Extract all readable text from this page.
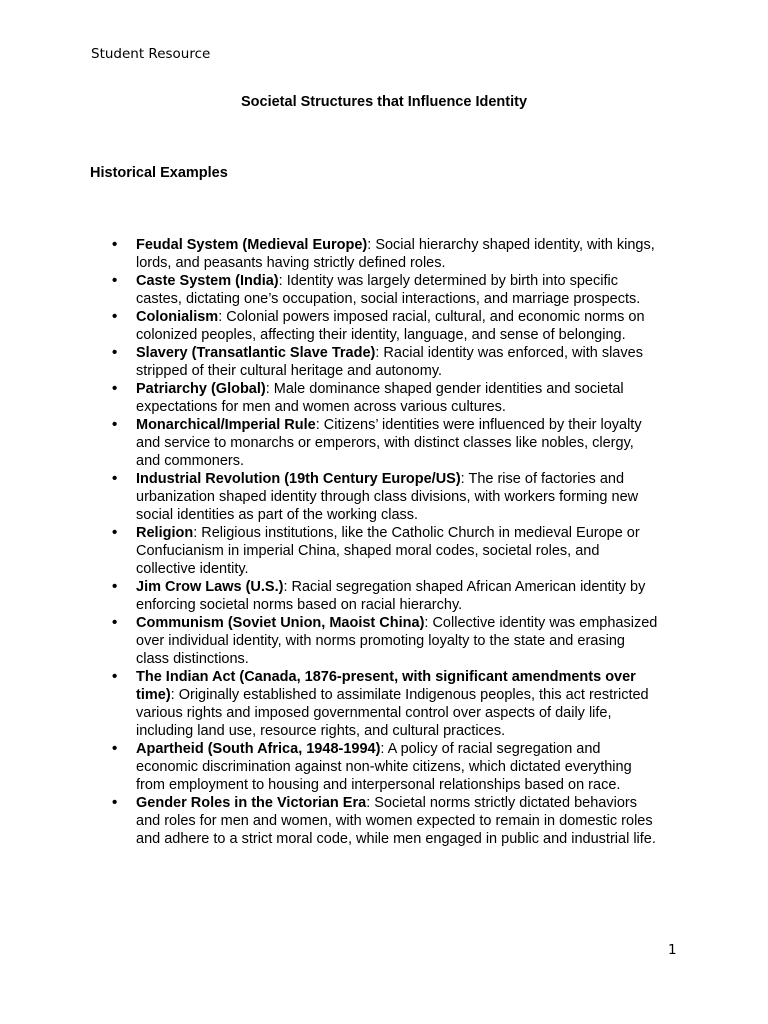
Student Resource
Societal Structures that Influence Identity
Historical Examples
• Feudal System (Medieval Europe): Social hierarchy shaped identity, with kings,
lords, and peasants having strictly defined roles.
• Caste System (India): Identity was largely determined by birth into specific
castes, dictating one’s occupation, social interactions, and marriage prospects.
• Colonialism: Colonial powers imposed racial, cultural, and economic norms on
colonized peoples, affecting their identity, language, and sense of belonging.
• Slavery (Transatlantic Slave Trade): Racial identity was enforced, with slaves
stripped of their cultural heritage and autonomy.
• Patriarchy (Global): Male dominance shaped gender identities and societal
expectations for men and women across various cultures.
• Monarchical/Imperial Rule: Citizens’ identities were influenced by their loyalty
and service to monarchs or emperors, with distinct classes like nobles, clergy,
and commoners.
• Industrial Revolution (19th Century Europe/US): The rise of factories and
urbanization shaped identity through class divisions, with workers forming new
social identities as part of the working class.
• Religion: Religious institutions, like the Catholic Church in medieval Europe or
Confucianism in imperial China, shaped moral codes, societal roles, and
collective identity.
• Jim Crow Laws (U.S.): Racial segregation shaped African American identity by
enforcing societal norms based on racial hierarchy.
• Communism (Soviet Union, Maoist China): Collective identity was emphasized
over individual identity, with norms promoting loyalty to the state and erasing
class distinctions.
• The Indian Act (Canada, 1876-present, with significant amendments over
time): Originally established to assimilate Indigenous peoples, this act restricted
various rights and imposed governmental control over aspects of daily life,
including land use, resource rights, and cultural practices.
• Apartheid (South Africa, 1948-1994): A policy of racial segregation and
economic discrimination against non-white citizens, which dictated everything
from employment to housing and interpersonal relationships based on race.
• Gender Roles in the Victorian Era: Societal norms strictly dictated behaviors
and roles for men and women, with women expected to remain in domestic roles
and adhere to a strict moral code, while men engaged in public and industrial life.
1
